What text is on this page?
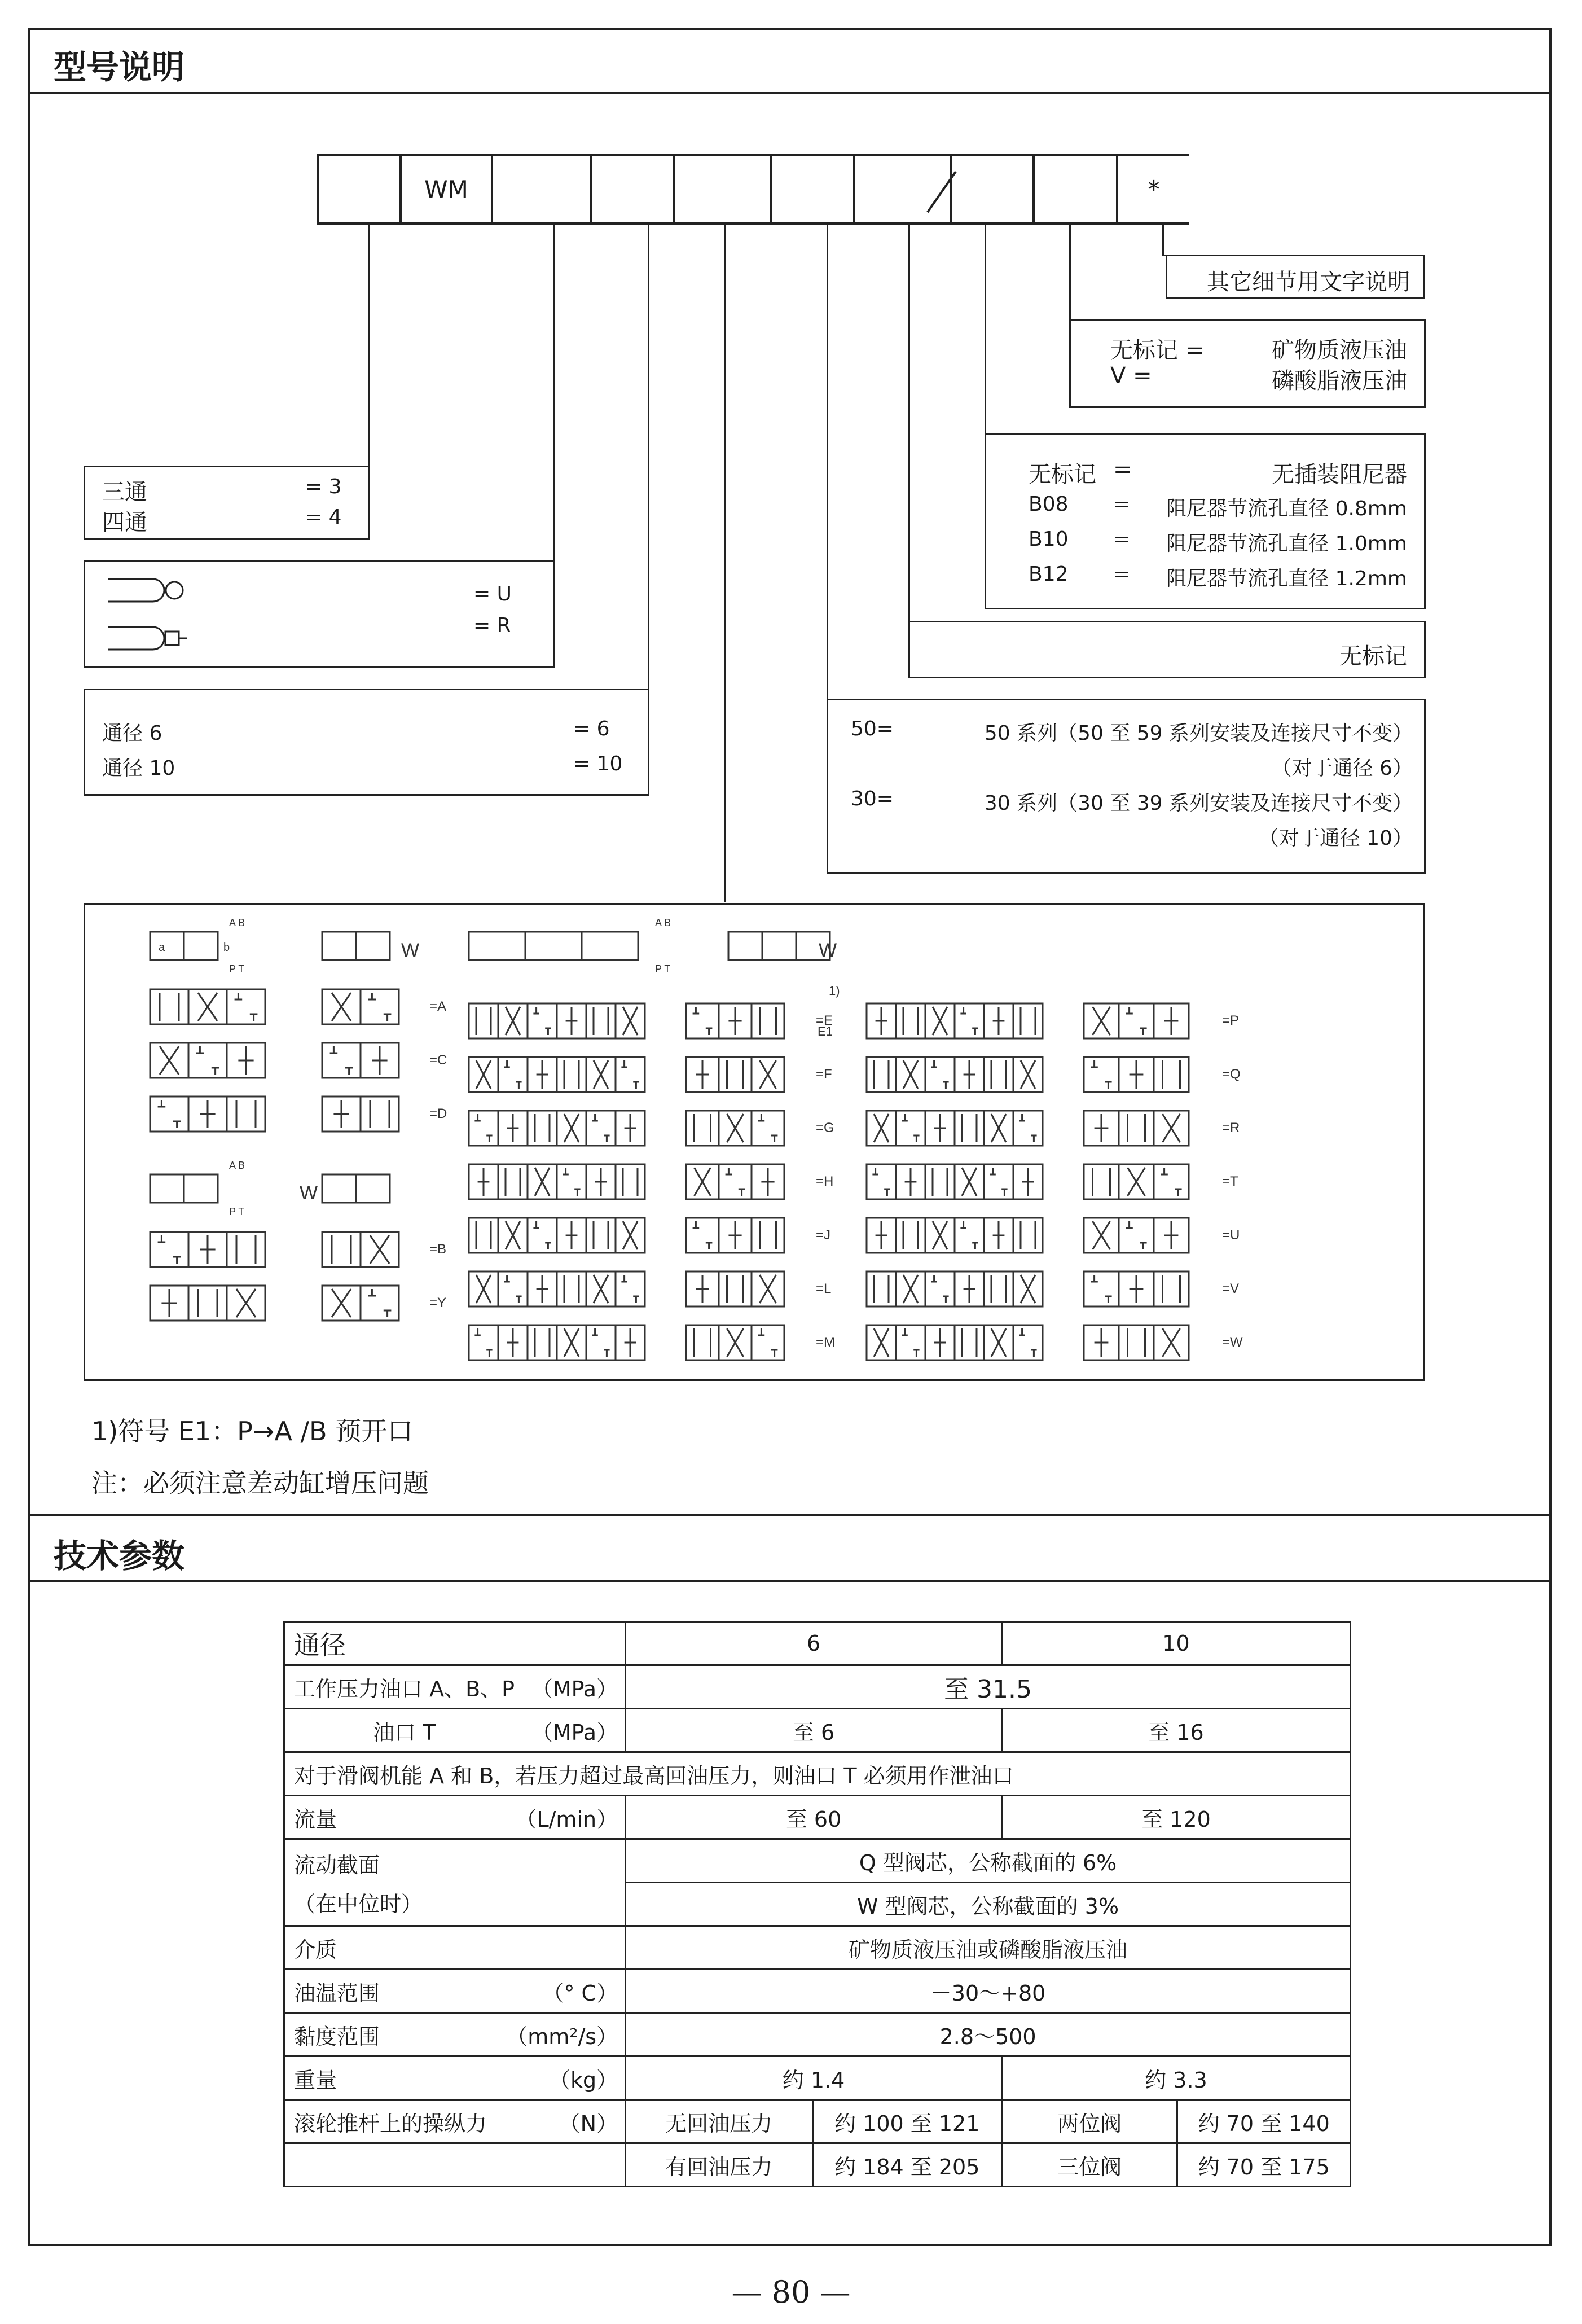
型号说明
技术参数
WM	*
其它细节用文字说明
无标记 =	矿物质液压油
V =	磷酸脂液压油
无标记 =	无插装阻尼器
B08 = 阻尼器节流孔直径 0.8mm
B10 = 阻尼器节流孔直径 1.0mm
B12 = 阻尼器节流孔直径 1.2mm
无标记
50=	50 系列（50 至 59 系列安装及连接尺寸不变）
（对于通径 6）
30=	30 系列（30 至 39 系列安装及连接尺寸不变）
（对于通径 10）
三通	= 3
四通	= 4
= U
= R
通径 6	= 6
通径 10	= 10
a	b
A B
P T
W
=A
=C
=D
A B
P T
W
=B
=Y
A B
P T
W
=E
=F
=G
=H
=J
=L
=M
1)
E1
=P
=Q
=R
=T
=U
=V
=W
1)符号 E1：P→A /B 预开口
注：必须注意差动缸增压问题
通径	6		10	
工作压力油口 A、B、P （MPa）	至 31.5			
油口 T （MPa）	至 6		至 16	
对于滑阀机能 A 和 B，若压力超过最高回油压力，则油口 T 必须用作泄油口				
流量 （L/min）	至 60		至 120	

流动截面
（在中位时）	Q 型阀芯，公称截面的 6%			
	W 型阀芯，公称截面的 3%			
介质	矿物质液压油或磷酸脂液压油			
油温范围 （° C）	－30～+80			
黏度范围 （mm²/s）	2.8～500			
重量 （kg）	约 1.4		约 3.3	
滚轮推杆上的操纵力 （N）	无回油压力	约 100 至 121	两位阀	约 70 至 140
	有回油压力	约 184 至 205	三位阀	约 70 至 175
— 80 —
